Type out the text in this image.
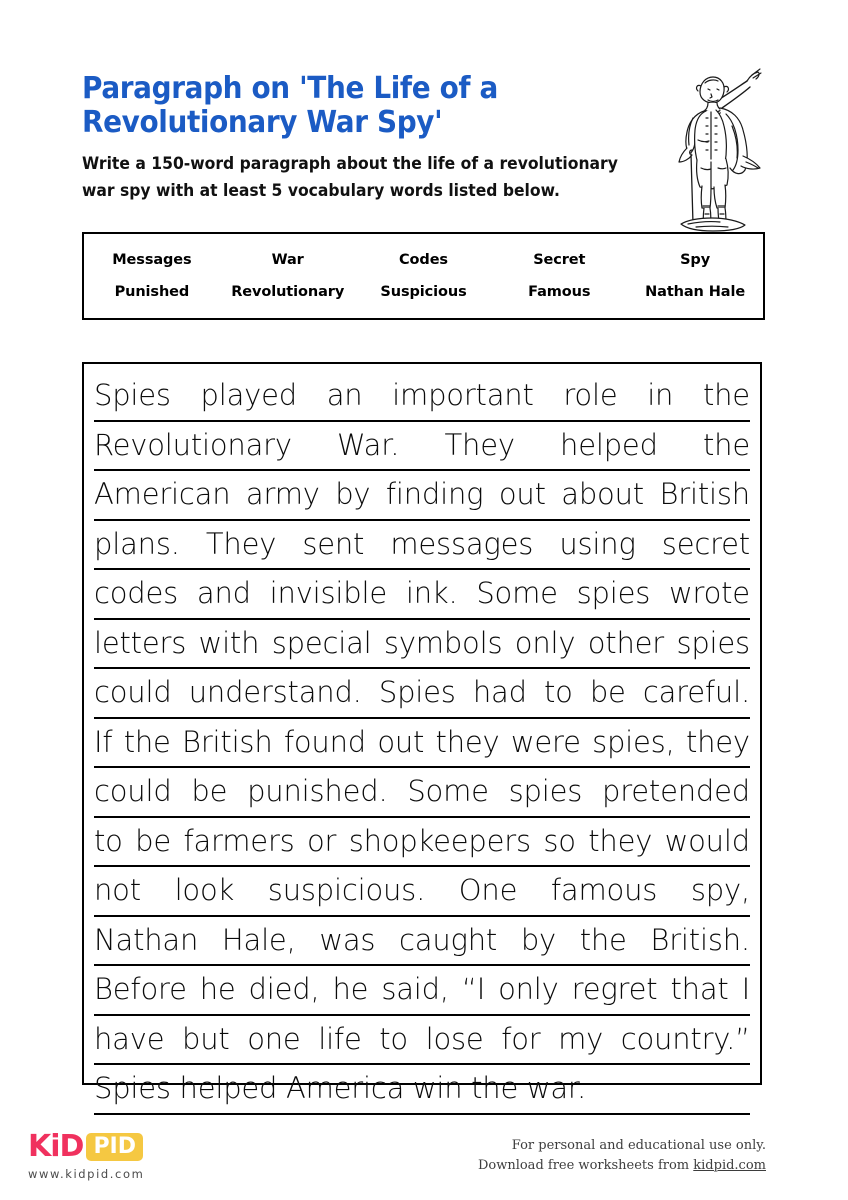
Paragraph on 'The Life of a Revolutionary War Spy'

Write a 150-word paragraph about the life of a revolutionary war spy with at least 5 vocabulary words listed below.

Messages	War	Codes	Secret	Spy
Punished	Revolutionary	Suspicious	Famous	Nathan Hale
Spies played an important role in the
Revolutionary War. They helped the
American army by finding out about British
plans. They sent messages using secret
codes and invisible ink. Some spies wrote
letters with special symbols only other spies
could understand. Spies had to be careful.
If the British found out they were spies, they
could be punished. Some spies pretended
to be farmers or shopkeepers so they would
not look suspicious. One famous spy,
Nathan Hale, was caught by the British.
Before he died, he said, “I only regret that I
have but one life to lose for my country.”
Spies helped America win the war.
KiD PID
www.kidpid.com
For personal and educational use only.
Download free worksheets from kidpid.com
